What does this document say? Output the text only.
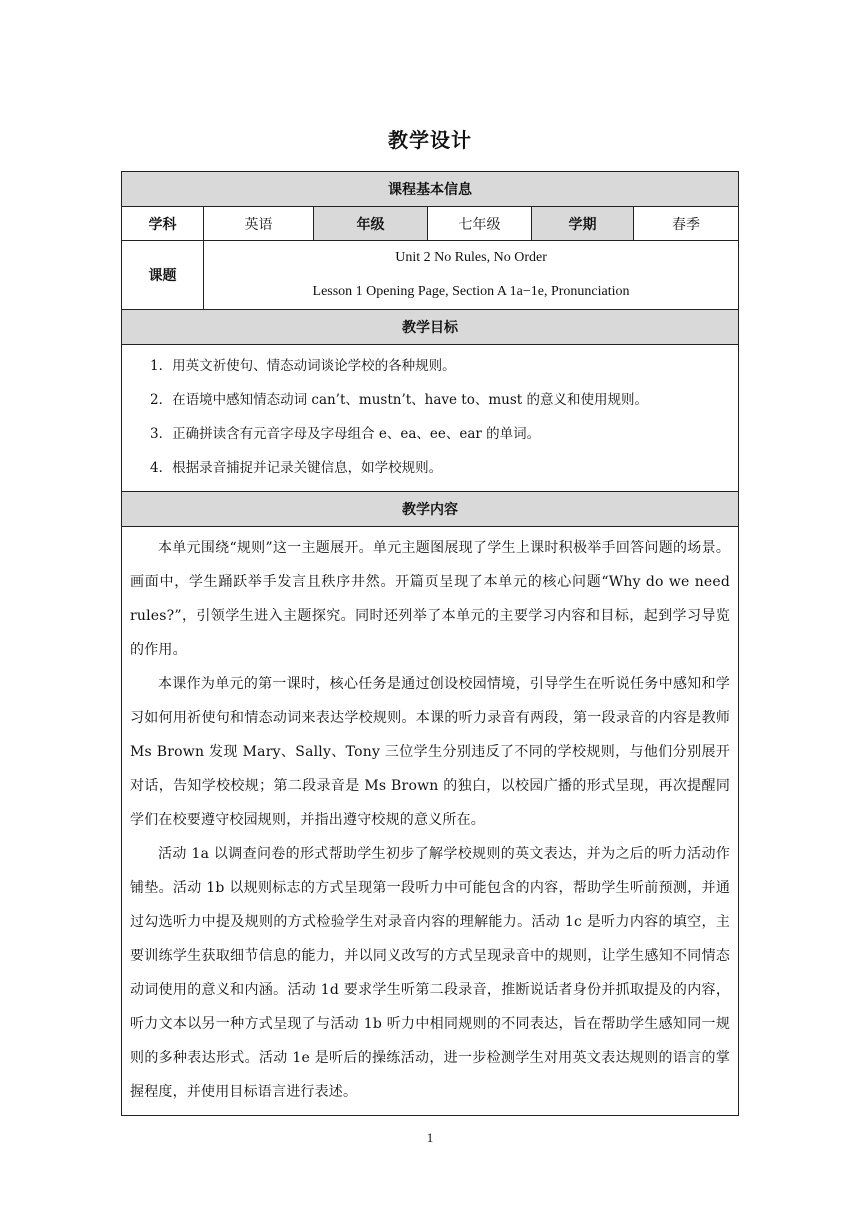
教学设计
课程基本信息					
学科	英语	年级	七年级	学期	春季
课题	Unit 2 No Rules, No Order
Lesson 1 Opening Page, Section A 1a−1e, Pronunciation				

教学目标					

1．用英文祈使句、情态动词谈论学校的各种规则。
2．在语境中感知情态动词 can’t、mustn’t、have to、must 的意义和使用规则。
3．正确拼读含有元音字母及字母组合 e、ea、ee、ear 的单词。
4．根据录音捕捉并记录关键信息，如学校规则。					

教学内容					

本单元围绕“规则”这一主题展开。单元主题图展现了学生上课时积极举手回答问题的场景。画面中，学生踊跃举手发言且秩序井然。开篇页呈现了本单元的核心问题“Why do we need rules?”，引领学生进入主题探究。同时还列举了本单元的主要学习内容和目标，起到学习导览的作用。

本课作为单元的第一课时，核心任务是通过创设校园情境，引导学生在听说任务中感知和学习如何用祈使句和情态动词来表达学校规则。本课的听力录音有两段，第一段录音的内容是教师 Ms Brown 发现 Mary、Sally、Tony 三位学生分别违反了不同的学校规则，与他们分别展开对话，告知学校校规；第二段录音是 Ms Brown 的独白，以校园广播的形式呈现，再次提醒同学们在校要遵守校园规则，并指出遵守校规的意义所在。

活动 1a 以调查问卷的形式帮助学生初步了解学校规则的英文表达，并为之后的听力活动作铺垫。活动 1b 以规则标志的方式呈现第一段听力中可能包含的内容，帮助学生听前预测，并通过勾选听力中提及规则的方式检验学生对录音内容的理解能力。活动 1c 是听力内容的填空，主要训练学生获取细节信息的能力，并以同义改写的方式呈现录音中的规则，让学生感知不同情态动词使用的意义和内涵。活动 1d 要求学生听第二段录音，推断说话者身份并抓取提及的内容，听力文本以另一种方式呈现了与活动 1b 听力中相同规则的不同表达，旨在帮助学生感知同一规则的多种表达形式。活动 1e 是听后的操练活动，进一步检测学生对用英文表达规则的语言的掌握程度，并使用目标语言进行表述。					

1
